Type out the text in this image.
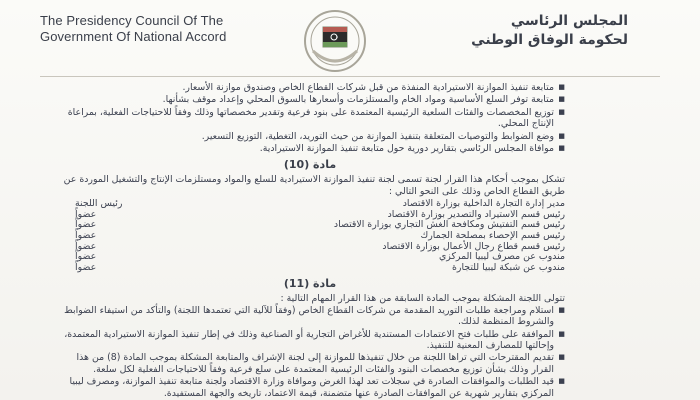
The Presidency Council Of The
Government Of National Accord
المجلس الرئاسي
لحكومة الوفاق الوطني
■ متابعة تنفيذ الموازنة الاستيرادية المنفذة من قبل شركات القطاع الخاص وصندوق موازنة الأسعار.
■ متابعة توفر السلع الأساسية ومواد الخام والمستلزمات وأسعارها بالسوق المحلي وإعداد موقف بشأنها.
■ توزيع المخصصات والفئات السلعية الرئيسية المعتمدة على بنود فرعية وتقدير مخصصاتها وذلك وفقاً للاحتياجات الفعلية، بمراعاة الإنتاج المحلي.
■ وضع الضوابط والتوصيات المتعلقة بتنفيذ الموازنة من حيث التوريد، التغطية، التوزيع التسعير.
■ موافاة المجلس الرئاسي بتقارير دورية حول متابعة تنفيذ الموازنة الاستيرادية.
مادة (10)

تشكل بموجب أحكام هذا القرار لجنة تسمى لجنة تنفيذ الموازنة الاستيرادية للسلع والمواد ومستلزمات الإنتاج والتشغيل الموردة عن طريق القطاع الخاص وذلك على النحو التالي :

مدير إدارة التجارة الداخلية بوزارة الاقتصاد
رئيس اللجنة
رئيس قسم الاستيراد والتصدير بوزارة الاقتصاد
عضواً
رئيس قسم التفتيش ومكافحة الغش التجاري بوزارة الاقتصاد
عضواً
رئيس قسم الإحصاء بمصلحة الجمارك
عضواً
رئيس قسم قطاع رجال الأعمال بوزارة الاقتصاد
عضواً
مندوب عن مصرف ليبيا المركزي
عضواً
مندوب عن شبكة ليبيا للتجارة
عضواً
مادة (11)

تتولى اللجنة المشكلة بموجب المادة السابقة من هذا القرار المهام التالية :

■ استلام ومراجعة طلبات التوريد المقدمة من شركات القطاع الخاص (وفقاً للآلية التي تعتمدها اللجنة) والتأكد من استيفاء الضوابط والشروط المنظمة لذلك.
■ الموافقة على طلبات فتح الاعتمادات المستندية للأغراض التجارية أو الصناعية وذلك في إطار تنفيذ الموازنة الاستيرادية المعتمدة، وإحالتها للمصارف المعنية للتنفيذ.
■ تقديم المقترحات التي تراها اللجنة من خلال تنفيذها للموازنة إلى لجنة الإشراف والمتابعة المشكلة بموجب المادة (8) من هذا القرار وذلك بشأن توزيع مخصصات البنود والفئات الرئيسية المعتمدة على سلع فرعية وفقاً للاحتياجات الفعلية لكل سلعة.
■ قيد الطلبات والموافقات الصادرة في سجلات تعد لهذا الغرض وموافاة وزارة الاقتصاد ولجنة متابعة تنفيذ الموازنة، ومصرف ليبيا المركزي بتقارير شهرية عن الموافقات الصادرة عنها متضمنة، قيمة الاعتماد، تاريخه والجهة المستفيدة.
